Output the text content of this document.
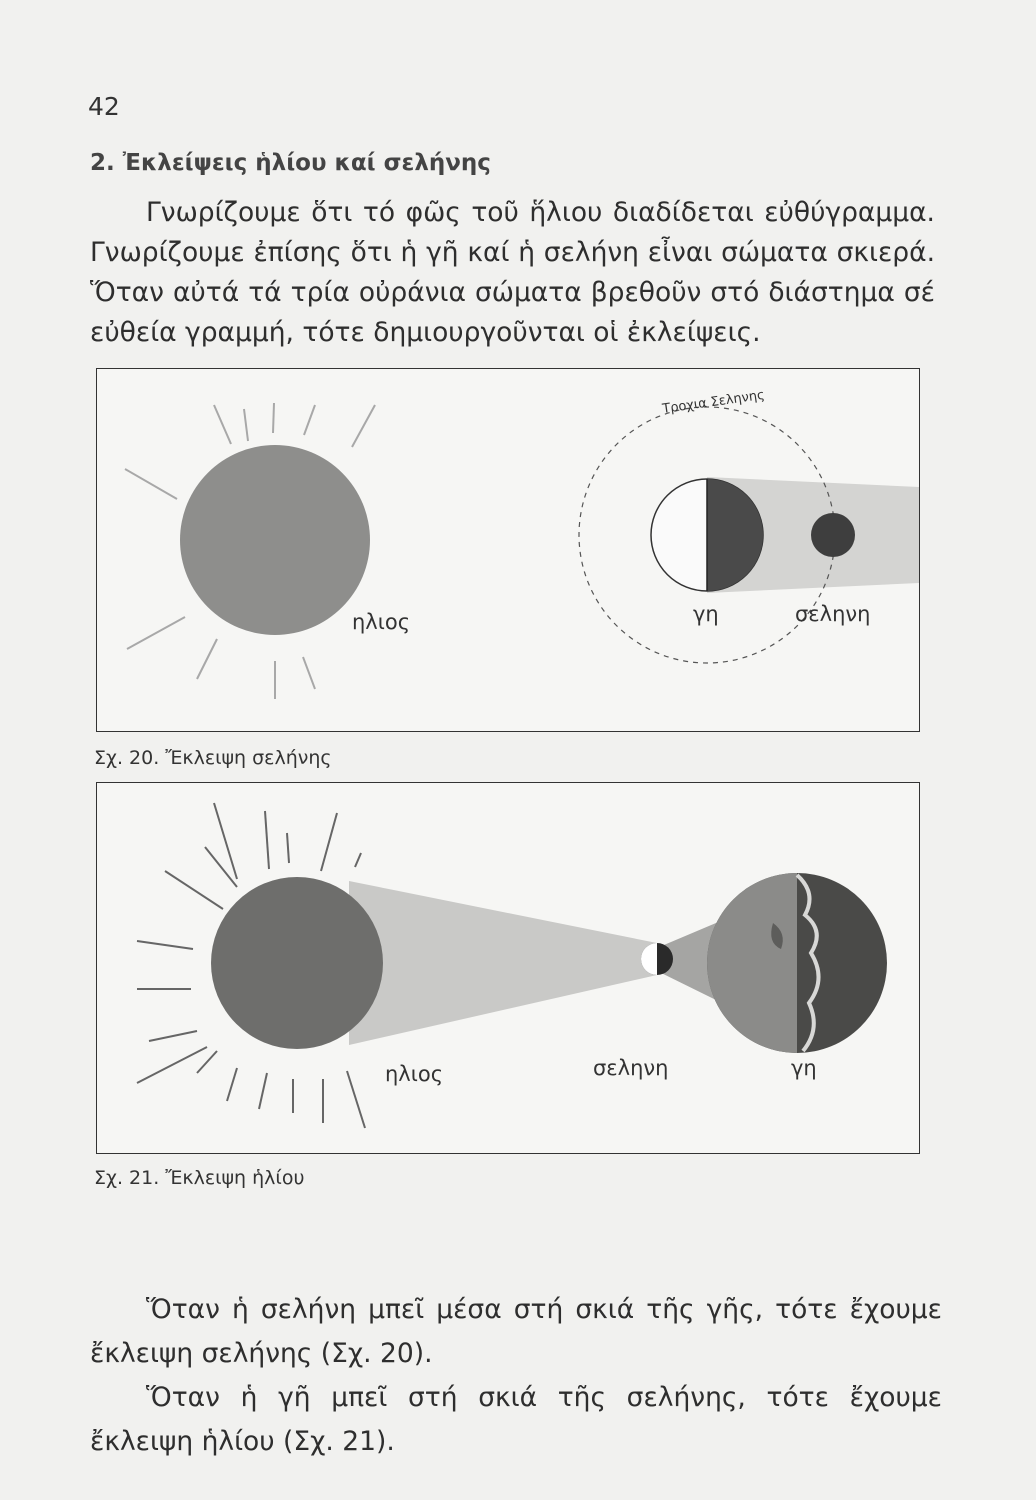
42
2. Ἐκλείψεις ἡλίου καί σελήνης

Γνωρίζουμε ὅτι τό φῶς τοῦ ἥλιου διαδίδεται εὐθύγραμμα. Γνωρίζουμε ἐπίσης ὅτι ἡ γῆ καί ἡ σελήνη εἶναι σώματα σκιερά. Ὅταν αὐτά τά τρία οὐράνια σώματα βρεθοῦν στό διάστημα σέ εὐθεία γραμμή, τότε δημιουργοῦνται οἱ ἐκλείψεις.

ηλιος	γη	σεληνη
Τροχια Σεληνης
Σχ. 20. Ἔκλειψη σελήνης
ηλιος	σεληνη	γη
Σχ. 21. Ἔκλειψη ἡλίου

Ὅταν ἡ σελήνη μπεῖ μέσα στή σκιά τῆς γῆς, τότε ἔχουμε ἔκλειψη σελήνης (Σχ. 20).

Ὅταν ἡ γῆ μπεῖ στή σκιά τῆς σελήνης, τότε ἔχουμε ἔκλειψη ἡλίου (Σχ. 21).
